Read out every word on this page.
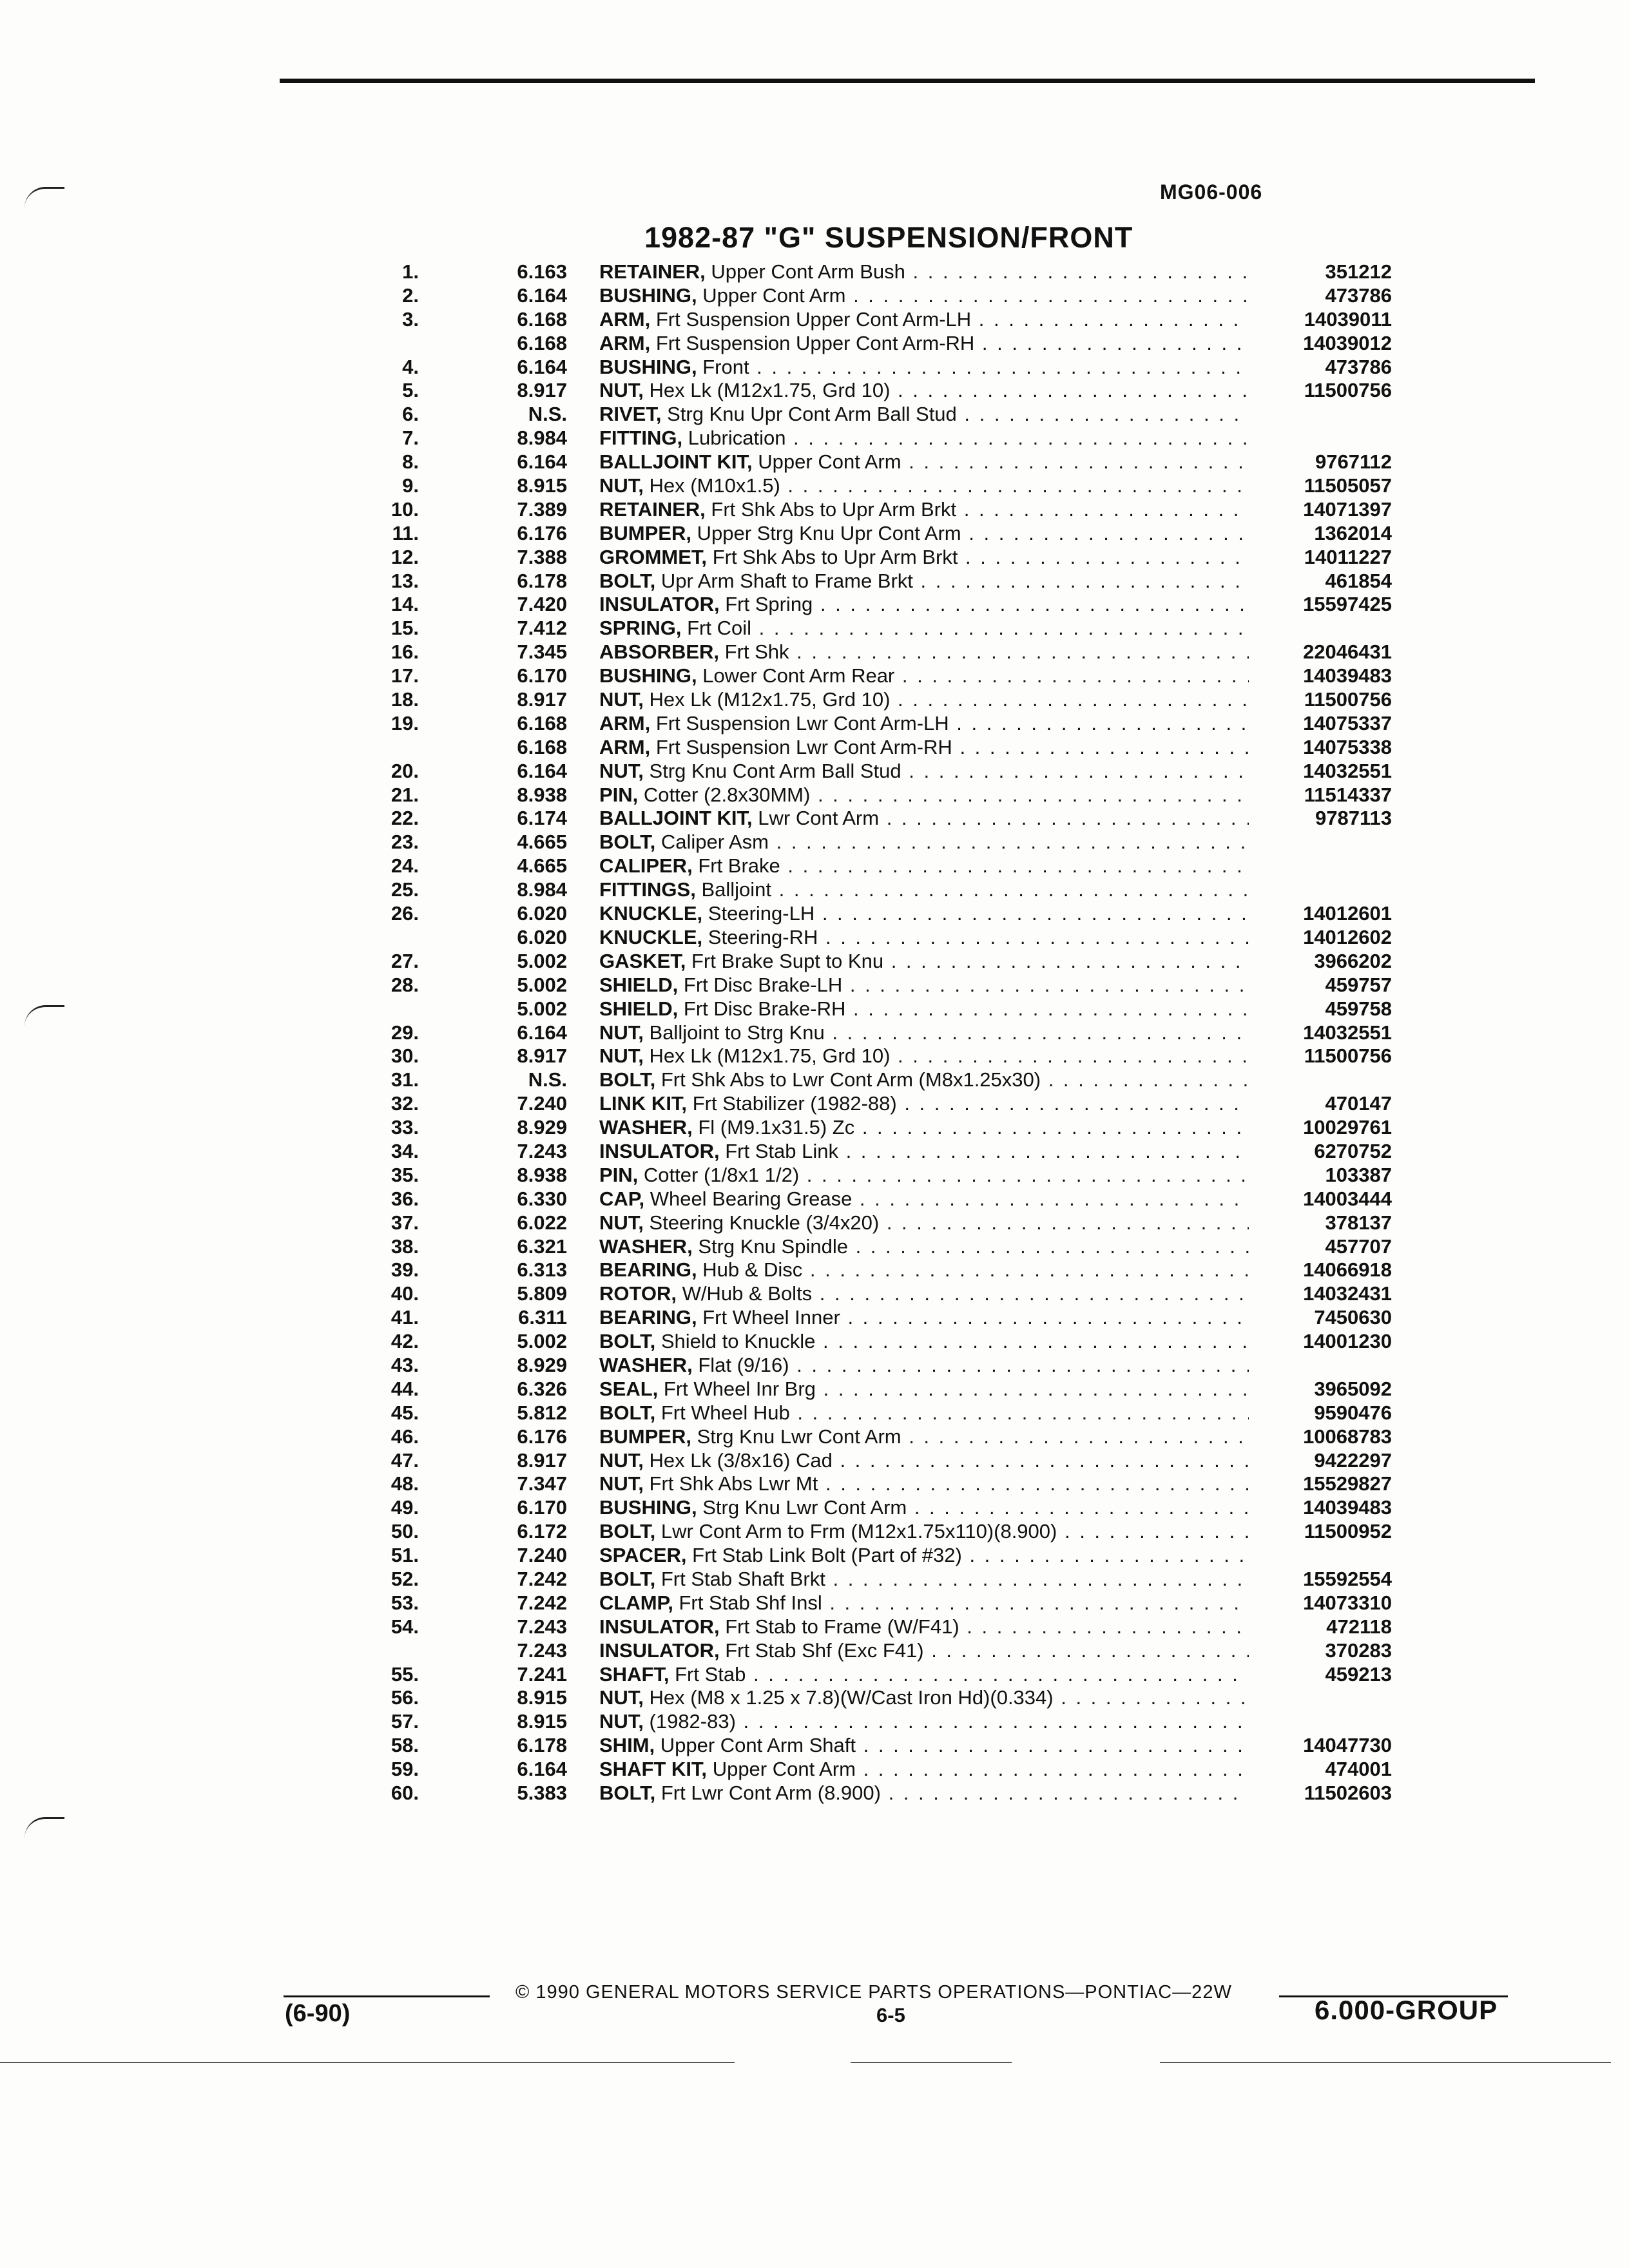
MG06-006
1982-87 "G" SUSPENSION/FRONT
1.	6.163 RETAINER, Upper Cont Arm Bush . . .	351212
2.	6.164 BUSHING, Upper Cont Arm . . .	473786
3.	6.168 ARM, Frt Suspension Upper Cont Arm-LH . . .	14039011
6.168 ARM, Frt Suspension Upper Cont Arm-RH . . .	14039012
4.	6.164 BUSHING, Front . . .	473786
5.	8.917 NUT, Hex Lk (M12x1.75, Grd 10) . . .	11500756
6.	N.S. RIVET, Strg Knu Upr Cont Arm Ball Stud . . .
7.	8.984 FITTING, Lubrication . . .
8.	6.164 BALLJOINT KIT, Upper Cont Arm . . .	9767112
9.	8.915 NUT, Hex (M10x1.5) . . .	11505057
10.	7.389 RETAINER, Frt Shk Abs to Upr Arm Brkt . . .	14071397
11.	6.176 BUMPER, Upper Strg Knu Upr Cont Arm . . .	1362014
12.	7.388 GROMMET, Frt Shk Abs to Upr Arm Brkt . . .	14011227
13.	6.178 BOLT, Upr Arm Shaft to Frame Brkt . . .	461854
14.	7.420 INSULATOR, Frt Spring . . .	15597425
15.	7.412 SPRING, Frt Coil . . .
16.	7.345 ABSORBER, Frt Shk . . .	22046431
17.	6.170 BUSHING, Lower Cont Arm Rear . . .	14039483
18.	8.917 NUT, Hex Lk (M12x1.75, Grd 10) . . .	11500756
19.	6.168 ARM, Frt Suspension Lwr Cont Arm-LH . . .	14075337
6.168 ARM, Frt Suspension Lwr Cont Arm-RH . . .	14075338
20.	6.164 NUT, Strg Knu Cont Arm Ball Stud . . .	14032551
21.	8.938 PIN, Cotter (2.8x30MM) . . .	11514337
22.	6.174 BALLJOINT KIT, Lwr Cont Arm . . .	9787113
23.	4.665 BOLT, Caliper Asm . . .
24.	4.665 CALIPER, Frt Brake . . .
25.	8.984 FITTINGS, Balljoint . . .
26.	6.020 KNUCKLE, Steering-LH . . .	14012601
6.020 KNUCKLE, Steering-RH . . .	14012602
27.	5.002 GASKET, Frt Brake Supt to Knu . . .	3966202
28.	5.002 SHIELD, Frt Disc Brake-LH . . .	459757
5.002 SHIELD, Frt Disc Brake-RH . . .	459758
29.	6.164 NUT, Balljoint to Strg Knu . . .	14032551
30.	8.917 NUT, Hex Lk (M12x1.75, Grd 10) . . .	11500756
31.	N.S. BOLT, Frt Shk Abs to Lwr Cont Arm (M8x1.25x30) . . .
32.	7.240 LINK KIT, Frt Stabilizer (1982-88) . . .	470147
33.	8.929 WASHER, Fl (M9.1x31.5) Zc . . .	10029761
34.	7.243 INSULATOR, Frt Stab Link . . .	6270752
35.	8.938 PIN, Cotter (1/8x1 1/2) . . .	103387
36.	6.330 CAP, Wheel Bearing Grease . . .	14003444
37.	6.022 NUT, Steering Knuckle (3/4x20) . . .	378137
38.	6.321 WASHER, Strg Knu Spindle . . .	457707
39.	6.313 BEARING, Hub & Disc . . .	14066918
40.	5.809 ROTOR, W/Hub & Bolts . . .	14032431
41.	6.311 BEARING, Frt Wheel Inner . . .	7450630
42.	5.002 BOLT, Shield to Knuckle . . .	14001230
43.	8.929 WASHER, Flat (9/16) . . .
44.	6.326 SEAL, Frt Wheel Inr Brg . . .	3965092
45.	5.812 BOLT, Frt Wheel Hub . . .	9590476
46.	6.176 BUMPER, Strg Knu Lwr Cont Arm . . .	10068783
47.	8.917 NUT, Hex Lk (3/8x16) Cad . . .	9422297
48.	7.347 NUT, Frt Shk Abs Lwr Mt . . .	15529827
49.	6.170 BUSHING, Strg Knu Lwr Cont Arm . . .	14039483
50.	6.172 BOLT, Lwr Cont Arm to Frm (M12x1.75x110)(8.900) . . .	11500952
51.	7.240 SPACER, Frt Stab Link Bolt (Part of #32) . . .
52.	7.242 BOLT, Frt Stab Shaft Brkt . . .	15592554
53.	7.242 CLAMP, Frt Stab Shf Insl . . .	14073310
54.	7.243 INSULATOR, Frt Stab to Frame (W/F41) . . .	472118
7.243 INSULATOR, Frt Stab Shf (Exc F41) . . .	370283
55.	7.241 SHAFT, Frt Stab . . .	459213
56.	8.915 NUT, Hex (M8 x 1.25 x 7.8)(W/Cast Iron Hd)(0.334) . . .
57.	8.915 NUT, (1982-83) . . .
58.	6.178 SHIM, Upper Cont Arm Shaft . . .	14047730
59.	6.164 SHAFT KIT, Upper Cont Arm . . .	474001
60.	5.383 BOLT, Frt Lwr Cont Arm (8.900) . . .	11502603
© 1990 GENERAL MOTORS SERVICE PARTS OPERATIONS—PONTIAC—22W
(6-90)	6-5	6.000-GROUP
